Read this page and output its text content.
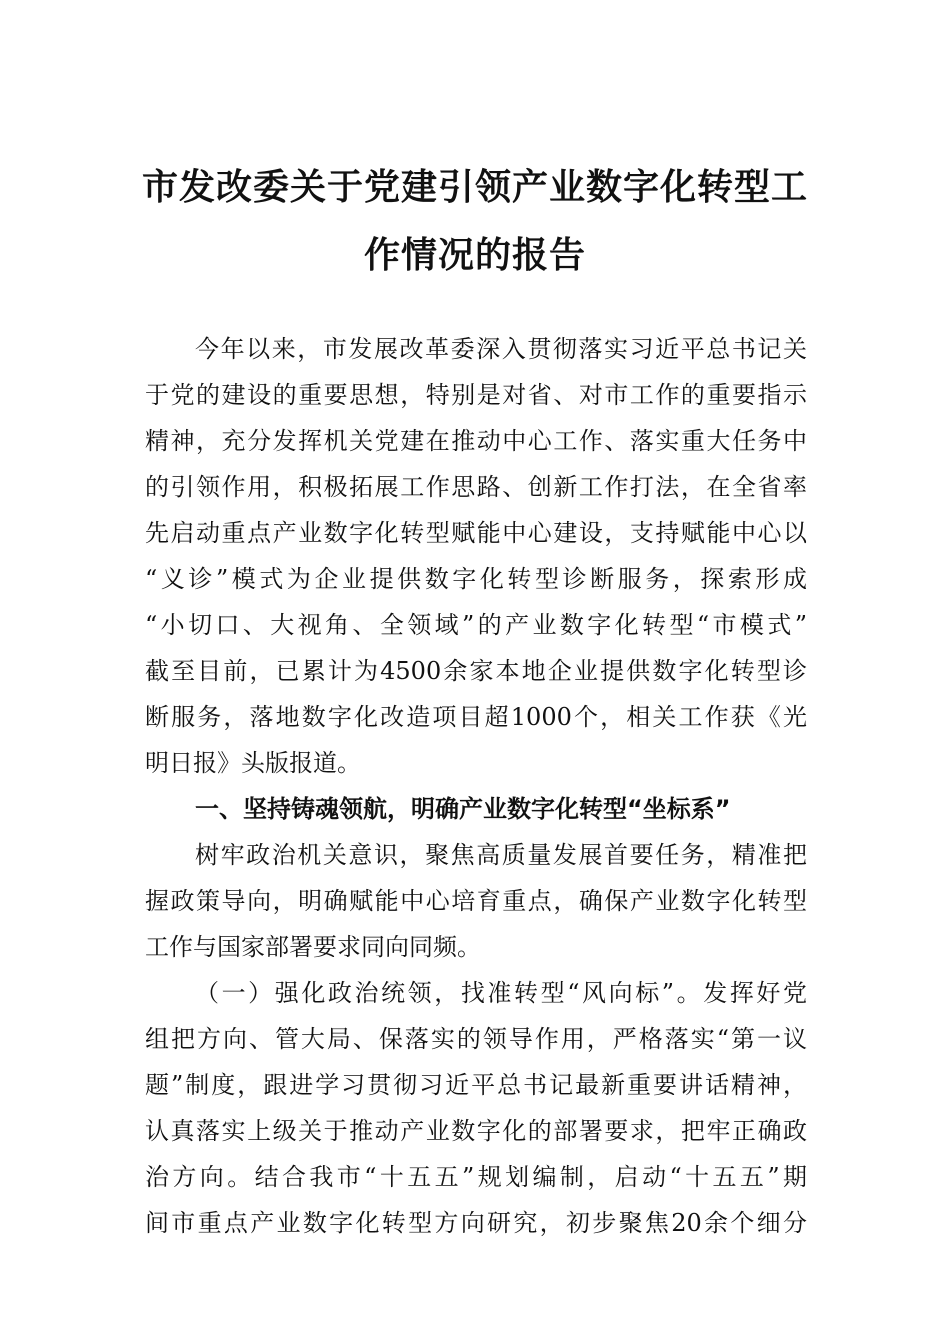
市发改委关于党建引领产业数字化转型工
作情况的报告
今年以来，市发展改革委深入贯彻落实习近平总书记关
于党的建设的重要思想，特别是对省、对市工作的重要指示
精神，充分发挥机关党建在推动中心工作、落实重大任务中
的引领作用，积极拓展工作思路、创新工作打法，在全省率
先启动重点产业数字化转型赋能中心建设，支持赋能中心以
“义诊”模式为企业提供数字化转型诊断服务，探索形成
“小切口、大视角、全领域”的产业数字化转型“市模式”
截至目前，已累计为4500余家本地企业提供数字化转型诊
断服务，落地数字化改造项目超1000个，相关工作获《光
明日报》头版报道。
一、坚持铸魂领航，明确产业数字化转型“坐标系”
树牢政治机关意识，聚焦高质量发展首要任务，精准把
握政策导向，明确赋能中心培育重点，确保产业数字化转型
工作与国家部署要求同向同频。
（一）强化政治统领，找准转型“风向标”。发挥好党
组把方向、管大局、保落实的领导作用，严格落实“第一议
题”制度，跟进学习贯彻习近平总书记最新重要讲话精神，
认真落实上级关于推动产业数字化的部署要求，把牢正确政
治方向。结合我市“十五五”规划编制，启动“十五五”期
间市重点产业数字化转型方向研究，初步聚焦20余个细分
